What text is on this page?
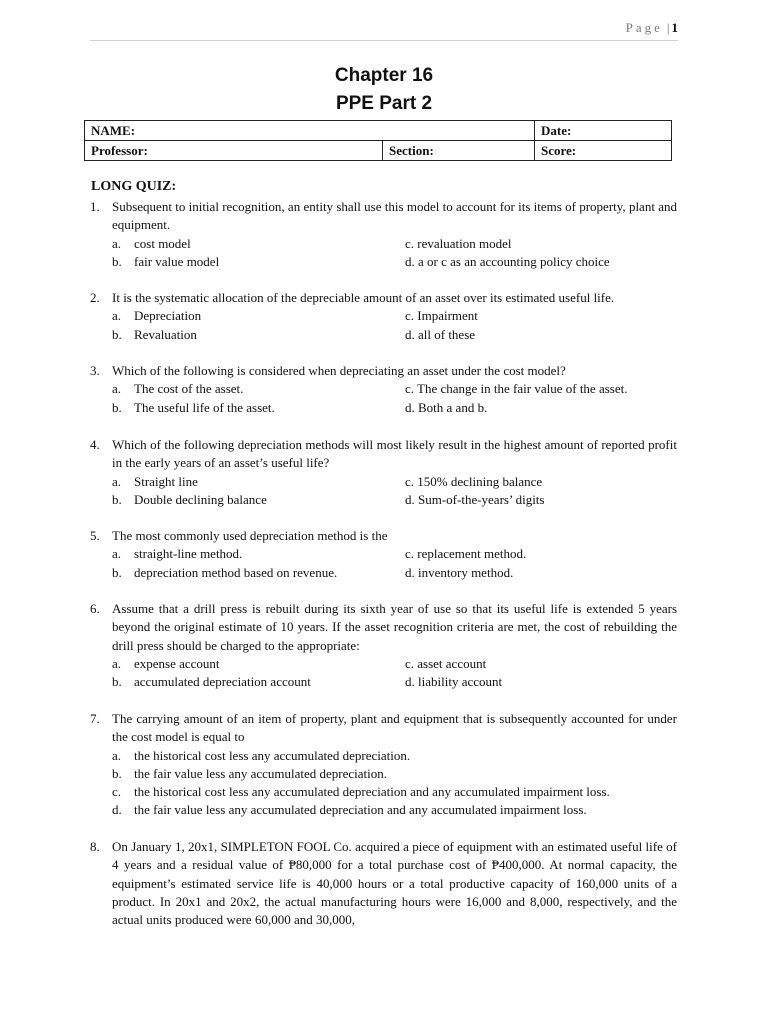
Page | 1
Chapter 16
PPE Part 2
NAME:		Date:
Professor:	Section:	Score:
LONG QUIZ:
1. Subsequent to initial recognition, an entity shall use this model to account for its items of property, plant and equipment.
a. cost model	c. revaluation model
b. fair value model	d. a or c as an accounting policy choice
2. It is the systematic allocation of the depreciable amount of an asset over its estimated useful life.
a. Depreciation	c. Impairment
b. Revaluation	d. all of these
3. Which of the following is considered when depreciating an asset under the cost model?
a. The cost of the asset.	c. The change in the fair value of the asset.
b. The useful life of the asset.	d. Both a and b.
4. Which of the following depreciation methods will most likely result in the highest amount of reported profit in the early years of an asset’s useful life?
a. Straight line	c. 150% declining balance
b. Double declining balance	d. Sum-of-the-years’ digits
5. The most commonly used depreciation method is the
a. straight-line method.	c. replacement method.
b. depreciation method based on revenue.	d. inventory method.
6. Assume that a drill press is rebuilt during its sixth year of use so that its useful life is extended 5 years beyond the original estimate of 10 years. If the asset recognition criteria are met, the cost of rebuilding the drill press should be charged to the appropriate:
a. expense account	c. asset account
b. accumulated depreciation account	d. liability account
7. The carrying amount of an item of property, plant and equipment that is subsequently accounted for under the cost model is equal to
a. the historical cost less any accumulated depreciation.
b. the fair value less any accumulated depreciation.
c. the historical cost less any accumulated depreciation and any accumulated impairment loss.
d. the fair value less any accumulated depreciation and any accumulated impairment loss.
8. On January 1, 20x1, SIMPLETON FOOL Co. acquired a piece of equipment with an estimated useful life of 4 years and a residual value of ₱80,000 for a total purchase cost of ₱400,000. At normal capacity, the equipment’s estimated service life is 40,000 hours or a total productive capacity of 160,000 units of a product. In 20x1 and 20x2, the actual manufacturing hours were 16,000 and 8,000, respectively, and the actual units produced were 60,000 and 30,000,
